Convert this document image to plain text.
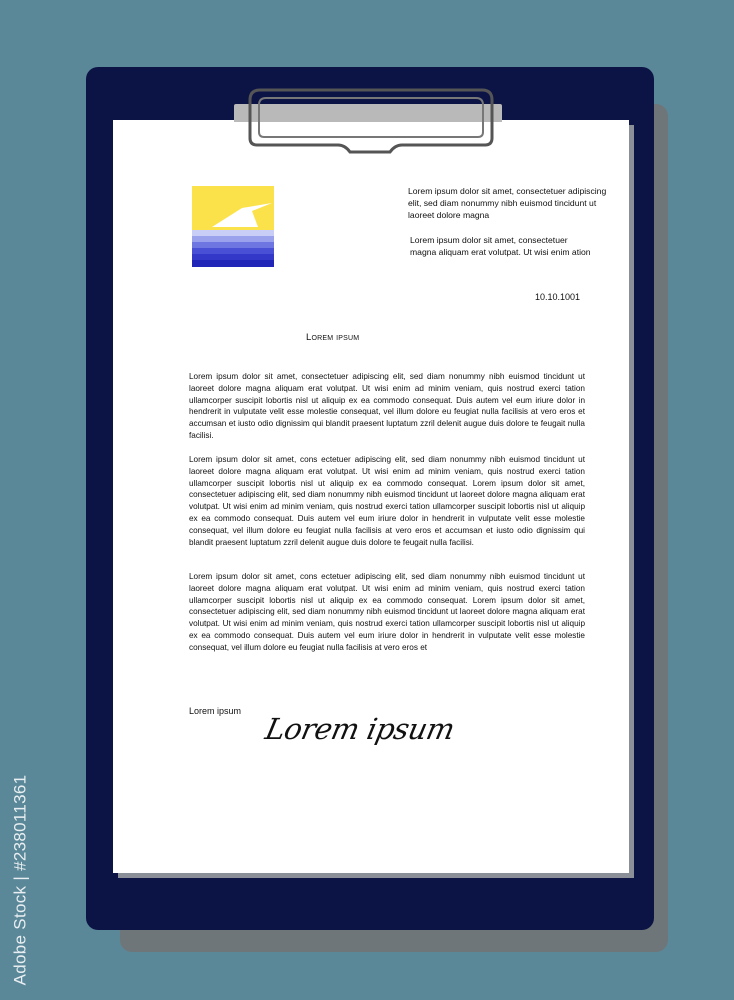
Lorem ipsum dolor sit amet, consectetuer adipiscing elit, sed diam nonummy nibh euismod tincidunt ut laoreet dolore magna
Lorem ipsum dolor sit amet, consectetuer magna aliquam erat volutpat. Ut wisi enim ation
10.10.1001
Lorem ipsum

Lorem ipsum dolor sit amet, consectetuer adipiscing elit, sed diam nonummy nibh euismod tincidunt ut laoreet dolore magna aliquam erat volutpat. Ut wisi enim ad minim veniam, quis nostrud exerci tation ullamcorper suscipit lobortis nisl ut aliquip ex ea commodo consequat. Duis autem vel eum iriure dolor in hendrerit in vulputate velit esse molestie consequat, vel illum dolore eu feugiat nulla facilisis at vero eros et accumsan et iusto odio dignissim qui blandit praesent luptatum zzril delenit augue duis dolore te feugait nulla facilisi.

Lorem ipsum dolor sit amet, cons ectetuer adipiscing elit, sed diam nonummy nibh euismod tincidunt ut laoreet dolore magna aliquam erat volutpat. Ut wisi enim ad minim veniam, quis nostrud exerci tation ullamcorper suscipit lobortis nisl ut aliquip ex ea commodo consequat. Lorem ipsum dolor sit amet, consectetuer adipiscing elit, sed diam nonummy nibh euismod tincidunt ut laoreet dolore magna aliquam erat volutpat. Ut wisi enim ad minim veniam, quis nostrud exerci tation ullamcorper suscipit lobortis nisl ut aliquip ex ea commodo consequat. Duis autem vel eum iriure dolor in hendrerit in vulputate velit esse molestie consequat, vel illum dolore eu feugiat nulla facilisis at vero eros et accumsan et iusto odio dignissim qui blandit praesent luptatum zzril delenit augue duis dolore te feugait nulla facilisi.

Lorem ipsum dolor sit amet, cons ectetuer adipiscing elit, sed diam nonummy nibh euismod tincidunt ut laoreet dolore magna aliquam erat volutpat. Ut wisi enim ad minim veniam, quis nostrud exerci tation ullamcorper suscipit lobortis nisl ut aliquip ex ea commodo consequat. Lorem ipsum dolor sit amet, consectetuer adipiscing elit, sed diam nonummy nibh euismod tincidunt ut laoreet dolore magna aliquam erat volutpat. Ut wisi enim ad minim veniam, quis nostrud exerci tation ullamcorper suscipit lobortis nisl ut aliquip ex ea commodo consequat. Duis autem vel eum iriure dolor in hendrerit in vulputate velit esse molestie consequat, vel illum dolore eu feugiat nulla facilisis at vero eros et

Lorem ipsum
Lorem ipsum
Adobe Stock | #238011361
